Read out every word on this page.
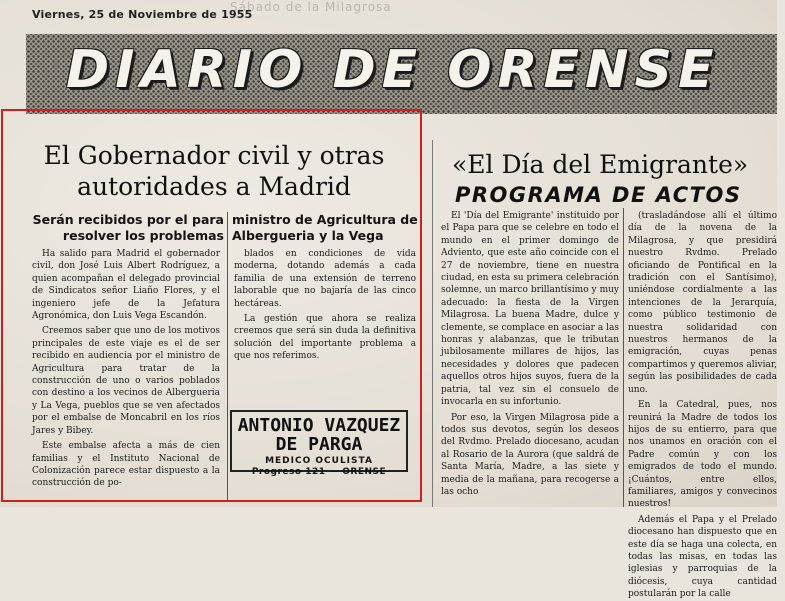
Sábado de la Milagrosa
Viernes, 25 de Noviembre de 1955
DIARIO DE ORENSE
El Gobernador civil y otras
autoridades a Madrid
Serán recibidos por el para resolver los problemas
ministro de Agricultura de Albergueria y la Vega

Ha salido para Madrid el gobernador civil, don José Luis Albert Rodríguez, a quien acompañan el delegado provincial de Sindicatos señor Liaño Flores, y el ingeniero jefe de la Jefatura Agronómica, don Luis Vega Escandón.

Creemos saber que uno de los motivos principales de este viaje es el de ser recibido en audiencia por el ministro de Agricultura para tratar de la construcción de uno o varios poblados con destino a los vecinos de Albergueria y La Vega, pueblos que se ven afectados por el embalse de Moncabril en los ríos Jares y Bibey.

Este embalse afecta a más de cien familias y el Instituto Nacional de Colonización parece estar dispuesto a la construcción de po-

blados en condiciones de vida moderna, dotando además a cada familia de una extensión de terreno laborable que no bajaría de las cinco hectáreas.

La gestión que ahora se realiza creemos que será sin duda la definitiva solución del importante problema a que nos referimos.

ANTONIO VAZQUEZ
DE PARGA
MEDICO OCULISTA
Progreso 121 — ORENSE
«El Día del Emigrante»
PROGRAMA DE ACTOS

El 'Día del Emigrante' instituido por el Papa para que se celebre en todo el mundo en el primer domingo de Adviento, que este año coincide con el 27 de noviembre, tiene en nuestra ciudad, en esta su primera celebración solemne, un marco brillantísimo y muy adecuado: la fiesta de la Virgen Milagrosa. La buena Madre, dulce y clemente, se complace en asociar a las honras y alabanzas, que le tributan jubilosamente millares de hijos, las necesidades y dolores que padecen aquellos otros hijos suyos, fuera de la patria, tal vez sin el consuelo de invocarla en su infortunio.

Por eso, la Virgen Milagrosa pide a todos sus devotos, según los deseos del Rvdmo. Prelado diocesano, acudan al Rosario de la Aurora (que saldrá de Santa María, Madre, a las siete y media de la mañana, para recogerse a las ocho

(trasladándose allí el último día de la novena de la Milagrosa, y que presidirá nuestro Rvdmo. Prelado oficiando de Pontifical en la tradición con el Santísimo), uniéndose cordialmente a las intenciones de la Jerarquía, como público testimonio de nuestra solidaridad con nuestros hermanos de la emigración, cuyas penas compartimos y queremos aliviar, según las posibilidades de cada uno.

En la Catedral, pues, nos reunirá la Madre de todos los hijos de su entierro, para que nos unamos en oración con el Padre común y con los emigrados de todo el mundo. ¡Cuántos, entre ellos, familiares, amigos y convecinos nuestros!

Además el Papa y el Prelado diocesano han dispuesto que en este día se haga una colecta, en todas las misas, en todas las iglesias y parroquias de la diócesis, cuya cantidad postularán por la calle
